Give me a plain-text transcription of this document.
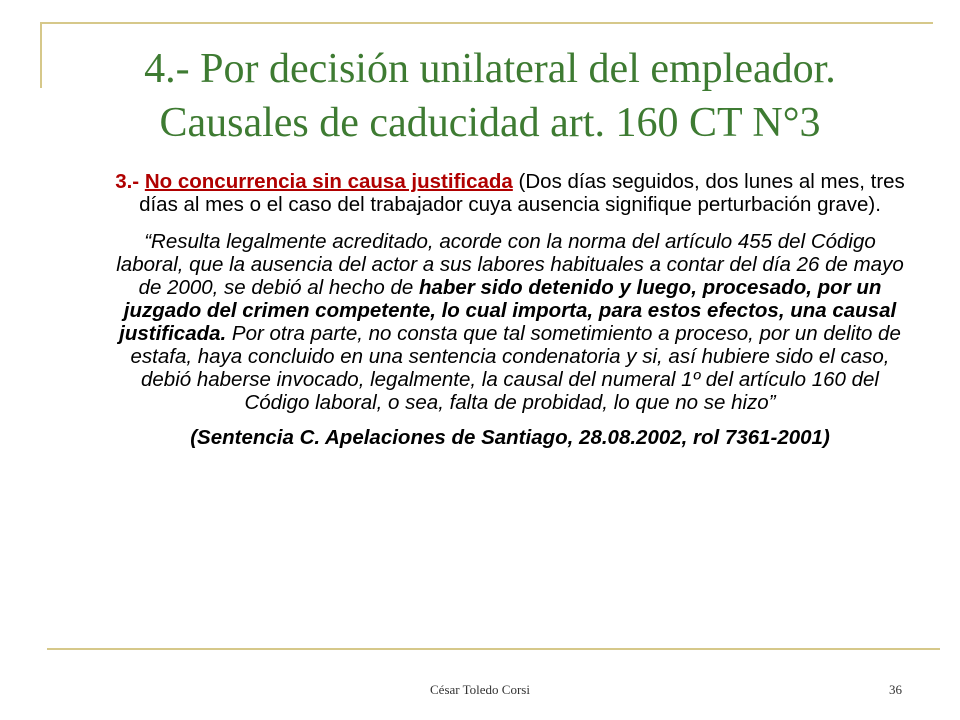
4.- Por decisión unilateral del empleador.
Causales de caducidad art. 160 CT N°3
3.- No concurrencia sin causa justificada (Dos días seguidos, dos lunes al mes, tres días al mes o el caso del trabajador cuya ausencia signifique perturbación grave).
“Resulta legalmente acreditado, acorde con la norma del artículo 455 del Código laboral, que la ausencia del actor a sus labores habituales a contar del día 26 de mayo de 2000, se debió al hecho de haber sido detenido y luego, procesado, por un juzgado del crimen competente, lo cual importa, para estos efectos, una causal justificada. Por otra parte, no consta que tal sometimiento a proceso, por un delito de estafa, haya concluido en una sentencia condenatoria y si, así hubiere sido el caso, debió haberse invocado, legalmente, la causal del numeral 1º del artículo 160 del Código laboral, o sea, falta de probidad, lo que no se hizo”
(Sentencia C. Apelaciones de Santiago, 28.08.2002, rol 7361-2001)
César Toledo Corsi	36
